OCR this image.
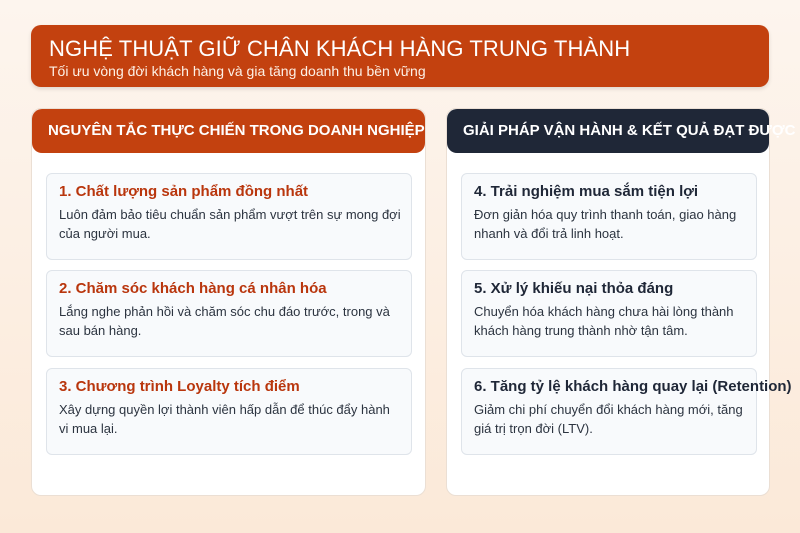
NGHỆ THUẬT GIỮ CHÂN KHÁCH HÀNG TRUNG THÀNH
Tối ưu vòng đời khách hàng và gia tăng doanh thu bền vững
NGUYÊN TẮC THỰC CHIẾN TRONG DOANH NGHIỆP
1. Chất lượng sản phẩm đồng nhất
Luôn đảm bảo tiêu chuẩn sản phẩm vượt trên sự mong đợi của người mua.
2. Chăm sóc khách hàng cá nhân hóa
Lắng nghe phản hồi và chăm sóc chu đáo trước, trong và sau bán hàng.
3. Chương trình Loyalty tích điểm
Xây dựng quyền lợi thành viên hấp dẫn để thúc đẩy hành vi mua lại.
GIẢI PHÁP VẬN HÀNH & KẾT QUẢ ĐẠT ĐƯỢC
4. Trải nghiệm mua sắm tiện lợi
Đơn giản hóa quy trình thanh toán, giao hàng nhanh và đổi trả linh hoạt.
5. Xử lý khiếu nại thỏa đáng
Chuyển hóa khách hàng chưa hài lòng thành khách hàng trung thành nhờ tận tâm.
6. Tăng tỷ lệ khách hàng quay lại (Retention)
Giảm chi phí chuyển đổi khách hàng mới, tăng giá trị trọn đời (LTV).
